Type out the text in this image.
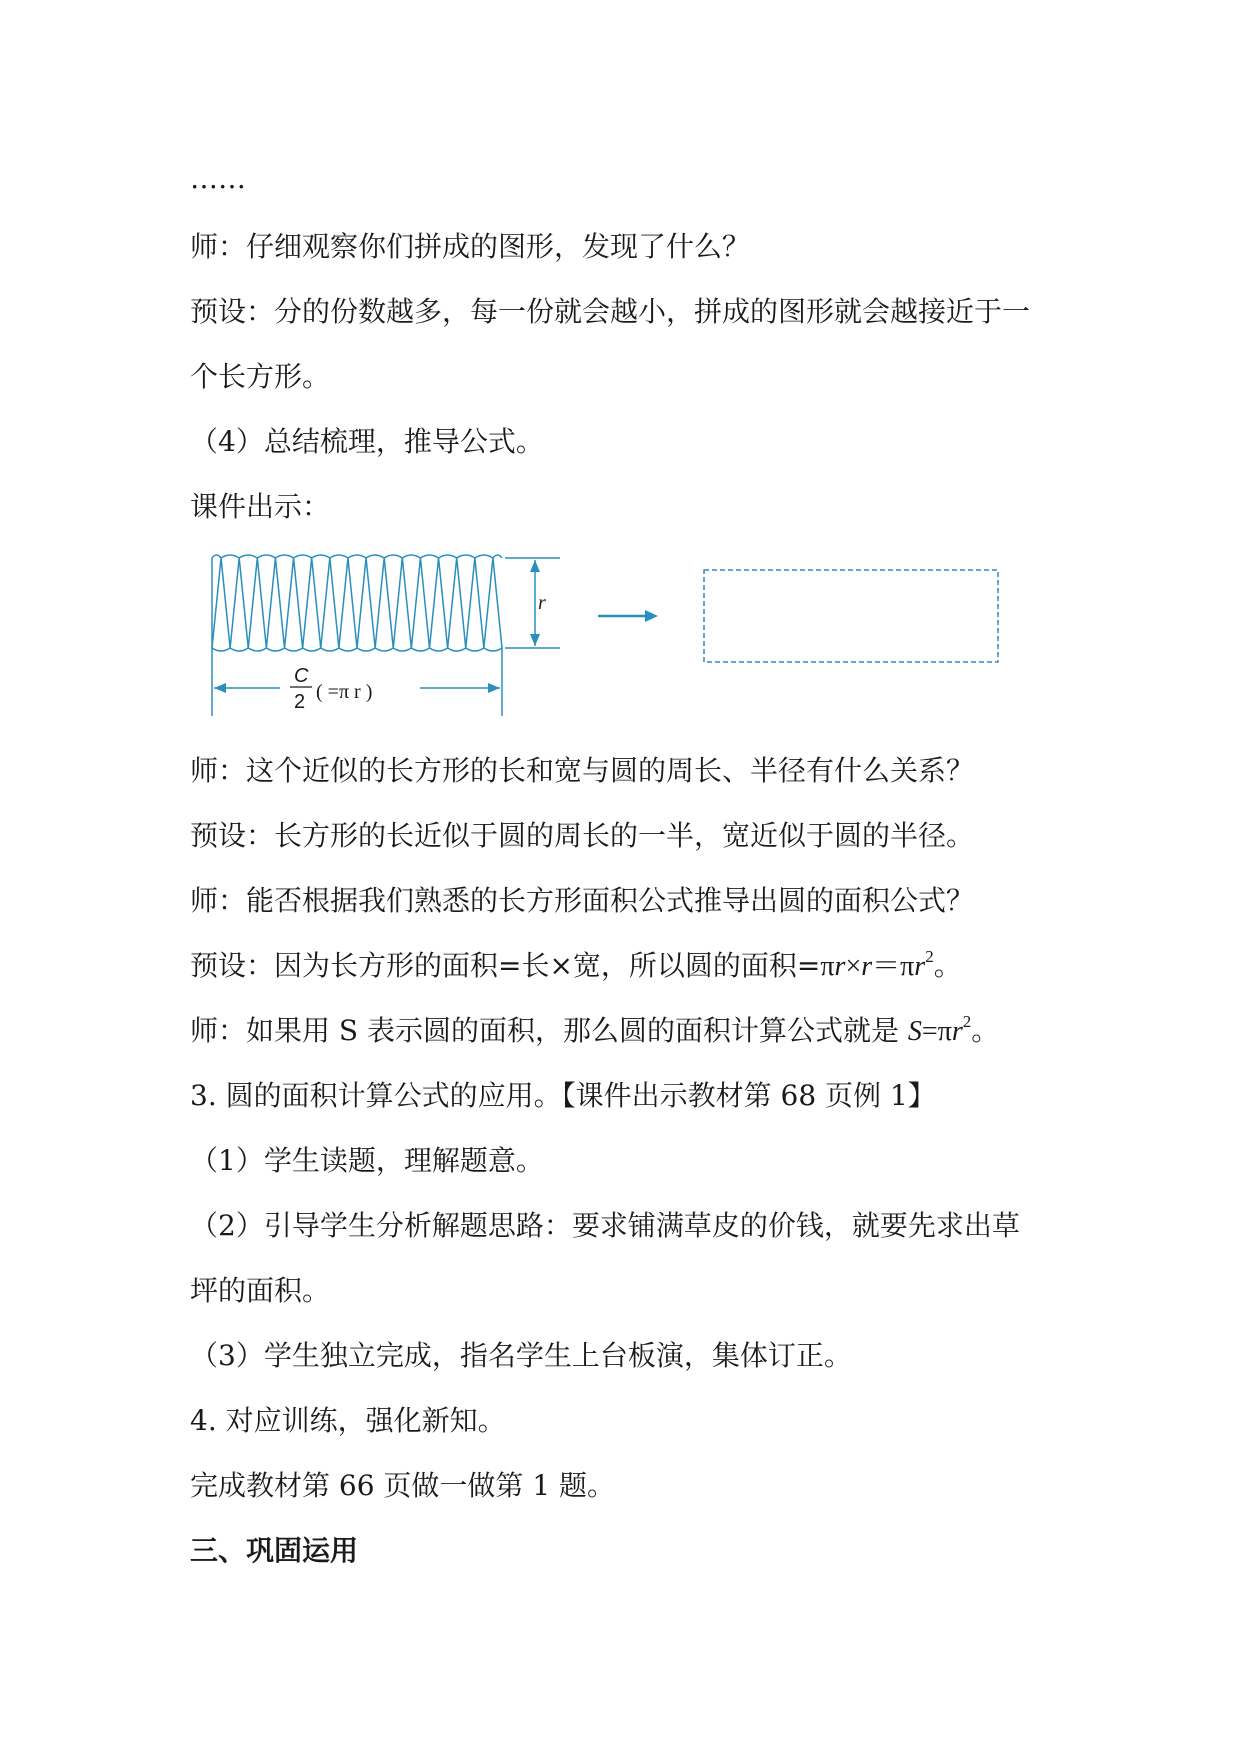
……

师：仔细观察你们拼成的图形，发现了什么？

预设：分的份数越多，每一份就会越小，拼成的图形就会越接近于一

个长方形。

（4）总结梳理，推导公式。

课件出示：

r
C
2 ( =π r )

师：这个近似的长方形的长和宽与圆的周长、半径有什么关系？

预设：长方形的长近似于圆的周长的一半，宽近似于圆的半径。

师：能否根据我们熟悉的长方形面积公式推导出圆的面积公式？

预设：因为长方形的面积=长×宽，所以圆的面积$=\pi r\times r=\pi r^2$。

师：如果用 S 表示圆的面积，那么圆的面积计算公式就是 $S=\pi r^2$。

3. 圆的面积计算公式的应用。【课件出示教材第 68 页例 1】

（1）学生读题，理解题意。

（2）引导学生分析解题思路：要求铺满草皮的价钱，就要先求出草

坪的面积。

（3）学生独立完成，指名学生上台板演，集体订正。

4. 对应训练，强化新知。

完成教材第 66 页做一做第 1 题。

三、巩固运用
